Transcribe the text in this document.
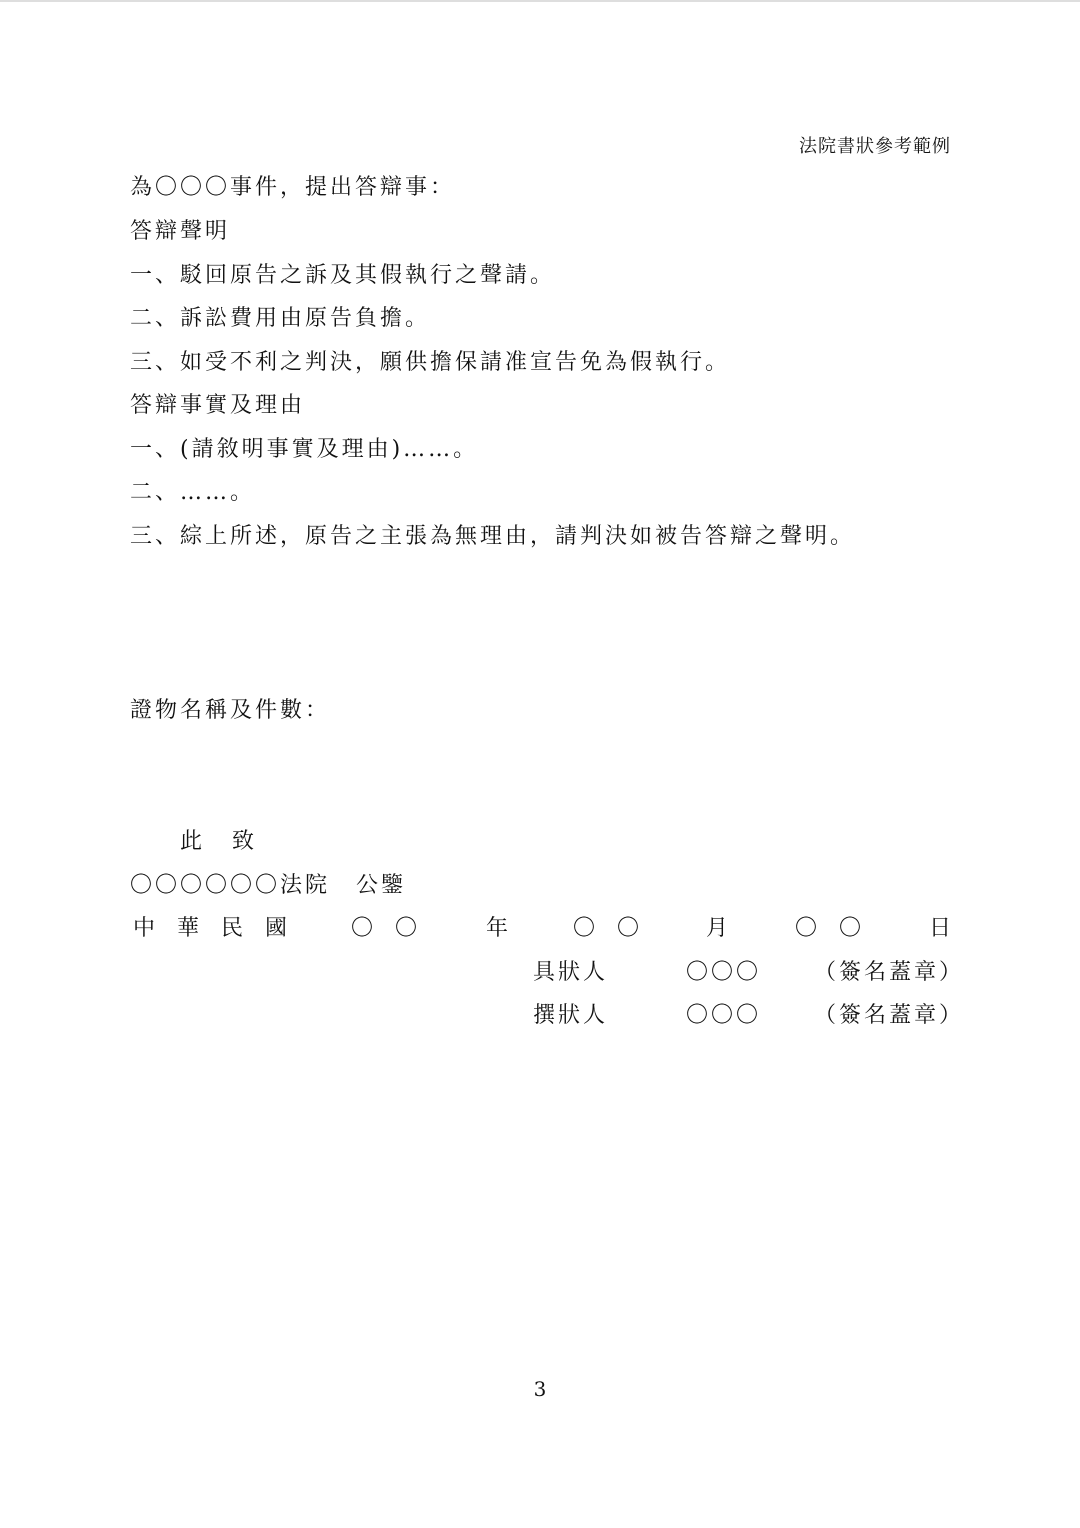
法院書狀參考範例
為〇〇〇事件，提出答辯事：
答辯聲明
一、駁回原告之訴及其假執行之聲請。
二、訴訟費用由原告負擔。
三、如受不利之判決，願供擔保請准宣告免為假執行。
答辯事實及理由
一、(請敘明事實及理由)……。
二、……。
三、綜上所述，原告之主張為無理由，請判決如被告答辯之聲明。
證物名稱及件數：
此 致
〇〇〇〇〇〇法院 公鑒
中 華 民 國	〇 〇	年	〇 〇	月	〇 〇	日
具狀人	〇〇〇 （簽名蓋章）
撰狀人	〇〇〇 （簽名蓋章）
3
